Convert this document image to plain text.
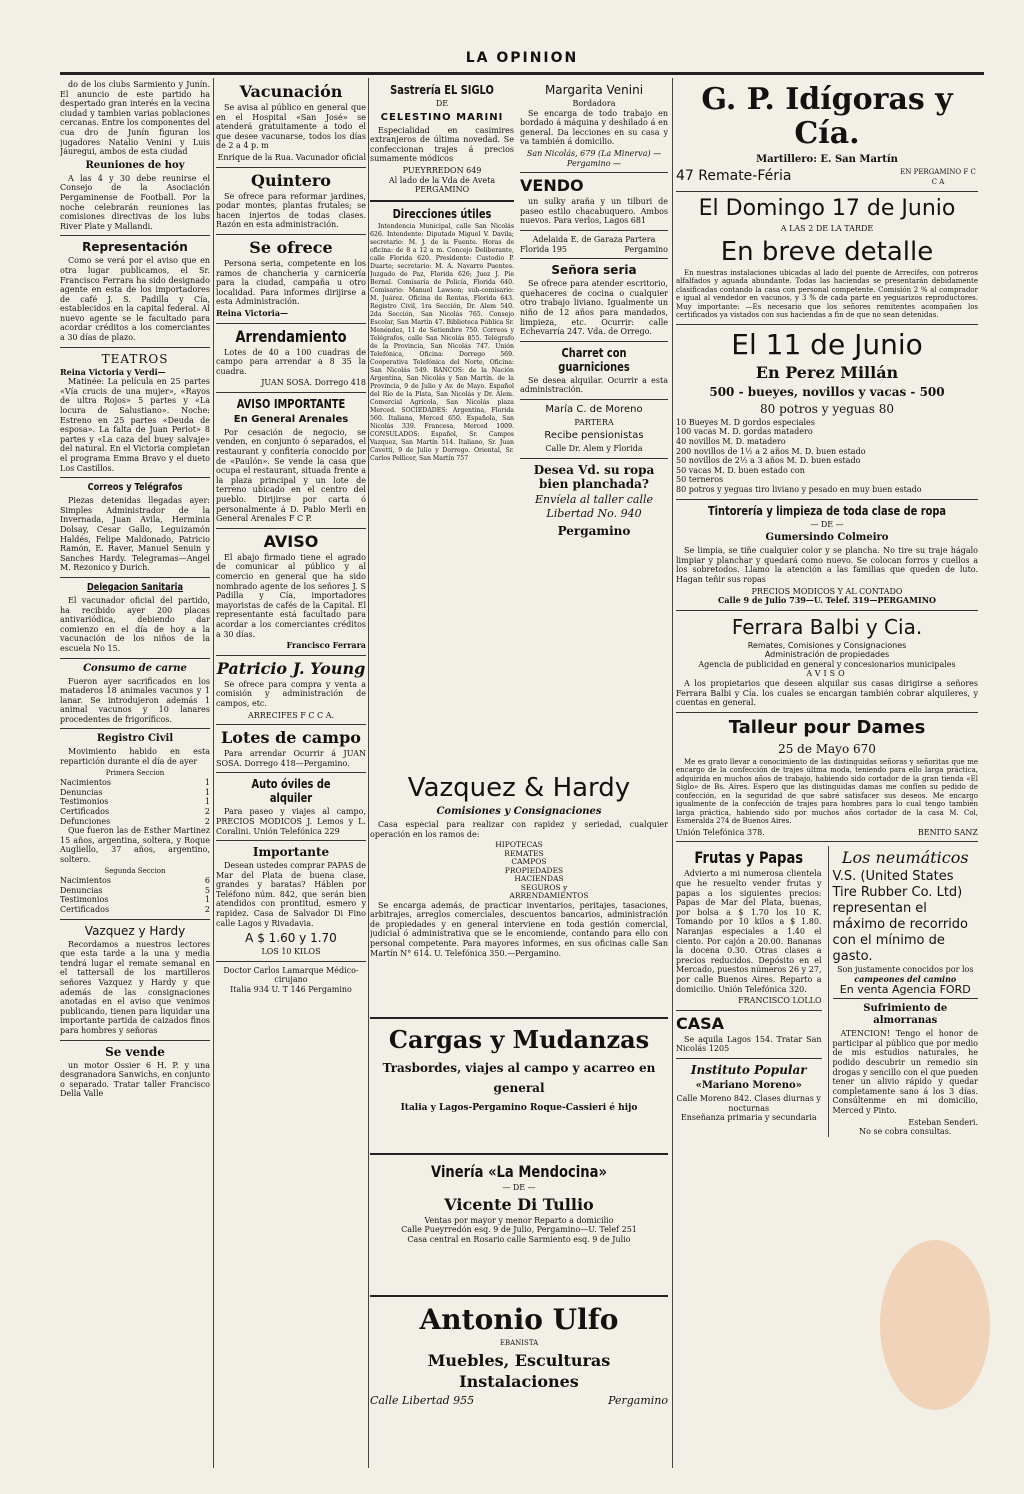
LA OPINION

do de los clubs Sarmiento y Junín. El anuncio de este partido ha despertado gran interés en la vecina ciudad y tambien varias poblaciones cercanas. Entre los componentes del cua dro de Junín figuran los jugadores Natalio Venini y Luis Jáuregui, ambos de esta ciudad

Reuniones de hoy

A las 4 y 30 debe reunirse el Consejo de la Asociación Pergaminense de Football. Por la noche celebrarán reuniones las comisiones directivas de los lubs River Plate y Mallandi.

Representación

Como se verá por el aviso que en otra lugar publicamos, el Sr. Francisco Ferrara ha sido designado agente en esta de los importadores de café J. S. Padilla y Cía, establecidos en la capital federal. Al nuevo agente se le facultado para acordar créditos a los comerciantes a 30 días de plazo.

TEATROS
Reina Victoria y Verdi—

Matinée: La película en 25 partes «Vía crucis de una mujer», «Rayos de ultra Rojos» 5 partes y «La locura de Salustiano». Noche: Estreno en 25 partes «Deuda de esposa». La falta de Juan Periot» 8 partes y «La caza del buey salvaje» del natural. En el Victoria completan el programa Emma Bravo y el dueto Los Castillos.

Correos y Telégrafos

Piezas detenidas llegadas ayer: Simples Administrador de la Invernada, Juan Avila, Herminia Dolsay, Cesar Gallo, Leguizamón Haldés, Felipe Maldonado, Patricio Ramón, E. Raver, Manuel Senuin y Sanches Hardy. Telegramas—Angel M. Rezonico y Durich.

Delegacion Sanitaria

El vacunador oficial del partido, ha recibido ayer 200 placas antivariódica, debiendo dar comienzo en el día de hoy a la vacunación de los niños de la escuela No 15.

Consumo de carne

Fueron ayer sacrificados en los mataderos 18 animales vacunos y 1 lanar. Se introdujeron además 1 animal vacunos y 10 lanares procedentes de frigoríficos.

Registro Civil

Movimiento habido en esta repartición durante el día de ayer

Primera Seccion
Nacimientos	1
Denuncias	1
Testimonios	1
Certificados	2
Defunciones	2

Que fueron las de Esther Martinez 15 años, argentina, soltera, y Roque Augliello, 37 años, argentino, soltero.

Segunda Seccion
Nacimientos	6
Denuncias	5
Testimonios	1
Certificados	2
Vazquez y Hardy

Recordamos a nuestros lectores que esta tarde a la una y media tendrá lugar el remate semanal en el tattersall de los martilleros señores Vazquez y Hardy y que además de las consignaciones anotadas en el aviso que venimos publicando, tienen para liquidar una importante partida de caizados finos para hombres y señoras

Se vende

un motor Ossier 6 H. P. y una desgranadora Sanwichs, en conjunto o separado. Tratar taller Francisco Della Valle

Vacunación

Se avisa al público en general que en el Hospital «San José» se atenderá gratuitamente a todo el que desee vacunarse, todos los días de 2 a 4 p. m

Enrique de la Rua. Vacunador oficial
Quintero

Se ofrece para reformar jardines, podar montes, plantas frutales; se hacen injertos de todas clases. Razón en esta administración.

Se ofrece

Persona seria, competente en los ramos de chancheria y carnicería para la ciudad, campaña u otro localidad. Para informes dirijirse a esta Administración.

Reina Victoria—
Arrendamiento

Lotes de 40 a 100 cuadras de campo para arrendar a 8 35 la cuadra.

JUAN SOSA. Dorrego 418
AVISO IMPORTANTE
En General Arenales

Por cesación de negocio, se venden, en conjunto ó separados, el restaurant y confitería conocido por de «Paulón». Se vende la casa que ocupa el restaurant, situada frente a la plaza principal y un lote de terreno ubicado en el centro del pueblo. Dirijirse por carta ó personalmente á D. Pablo Merli en General Arenales F C P.

AVISO

El abajo firmado tiene el agrado de comunicar al público y al comercio en general que ha sido nombrado agente de los señores J. S Padilla y Cía, importadores mayoristas de cafés de la Capital. El representante está facultado para acordar a los comerciantes créditos a 30 días.

Francisco Ferrara
Patricio J. Young

Se ofrece para compra y venta a comisión y administración de campos, etc.

ARRECIFES F C C A.
Lotes de campo

Para arrendar Ocurrir á JUAN SOSA. Dorrego 418—Pergamino.

Auto óviles de alquiler

Para paseo y viajes al campo, PRECIOS MODICOS J. Lemos y L. Coralini. Unión Telefónica 229

Importante

Desean ustedes comprar PAPAS de Mar del Plata de buena clase, grandes y baratas? Háblen por Teléfono núm. 842, que serán bien atendidos con prontitud, esmero y rapidez. Casa de Salvador Di Fino calle Lagos y Rivadavia.

A $ 1.60 y 1.70
LOS 10 KILOS
Doctor Carlos Lamarque Médico-cirujano
Italia 934 U. T 146 Pergamino
Sastrería EL SIGLO
DE
CELESTINO MARINI

Especialidad en casimires extranjeros de última novedad. Se confeccionan trajes á precios sumamente módicos

PUEYRREDON 649
Al lado de la Vda de Aveta
PERGAMINO
Direcciones útiles

Intendencia Municipal, calle San Nicolás 626. Intendente: Diputado Miguel V. Davila; secretario: M. J. de la Fuente. Horas de oficina: de 8 a 12 a m. Concejo Deliberante, calle Florida 620. Presidente: Custodio P. Duarte; secretario: M. A. Navarro Puentes. Juzgado de Paz, Florida 626; Juez J. Pie Bernal. Comisaría de Policía, Florida 640. Comisario: Manuel Lawson; sub-comisario: M. Juárez. Oficina de Rentas, Florida 643. Registro Civil, 1ra Sección, Dr. Alem 540. 2da Sección, San Nicolás 765. Consejo Escolar, San Martín 47. Biblioteca Pública Sr. Menéndez, 11 de Setiembre 750. Correos y Telégrafos, calle San Nicolás 855. Telégrafo de la Provincia, San Nicolás 747. Unión Telefónica, Oficina: Dorrego 569. Cooperativa Telefónica del Norte, Oficina: San Nicolás 549. BANCOS: de la Nación Argentina, San Nicolás y San Martín. de la Provincia, 9 de Julio y Av. de Mayo. Español del Río de la Plata, San Nicolás y Dr. Alem. Comercial Agrícola, San Nicolás plaza Merced. SOCIEDADES: Argentina, Florida 560. Italiana, Merced 650. Española, San Nicolás 339. Francesa, Merced 1009. CONSULADOS: Español, Sr. Campos Vazquez, San Martín 514. Italiano, Sr. Juan Cavetti, 9 de Julio y Dorrego. Oriental, Sr. Carlos Pellicer, San Martín 757

Margarita Venini
Bordadora

Se encarga de todo trabajo en bordado á máquina y deshilado á en general. Da lecciones en su casa y va también á domicilio.

San Nicolás, 679 (La Minerva) — Pergamino —
VENDO

un sulky araña y un tilburi de paseo estilo chacabuquero. Ambos nuevos. Para verlos, Lagos 681

Adelaida E. de Garaza Partera
Florida 195	Pergamino
Señora seria

Se ofrece para atender escritorio, quehaceres de cocina o cualquier otro trabajo liviano. Igualmente un niño de 12 años para mandados, limpieza, etc. Ocurrir: calle Echevarría 247. Vda. de Orrego.

Charret con guarniciones

Se desea alquilar. Ocurrir a esta administración.

María C. de Moreno
PARTERA
Recibe pensionistas
Calle Dr. Alem y Florida
Desea Vd. su ropa bien planchada?
Envíela al taller calle Libertad No. 940
Pergamino
Vazquez & Hardy
Comisiones y Consignaciones

Casa especial para realizar con rapidez y seriedad, cualquier operación en los ramos de:

HIPOTECAS
REMATES
CAMPOS
PROPIEDADES
HACIENDAS
SEGUROS y
ARRENDAMIENTOS

Se encarga además, de practicar inventarios, peritajes, tasaciones, arbitrajes, arreglos comerciales, descuentos bancarios, administración de propiedades y en general interviene en toda gestión comercial, judicial ó administrativa que se le encomiende, contando para ello con personal competente. Para mayores informes, en sus oficinas calle San Martín N° 614. U. Telefónica 350.—Pergamino.

Cargas y Mudanzas
Trasbordes, viajes al campo y acarreo en general
Italia y Lagos-Pergamino Roque-Cassieri é hijo
Vinería «La Mendocina»
— DE —
Vicente Di Tullio
Ventas por mayor y menor Reparto a domicilio
Calle Pueyrredón esq. 9 de Julio, Pergamino—U. Telef 251
Casa central en Rosario calle Sarmiento esq. 9 de Julio
Antonio Ulfo
EBANISTA
Muebles, Esculturas
Instalaciones
Calle Libertad 955	Pergamino
G. P. Idígoras y Cía.
Martillero: E. San Martín
47 Remate-Féria	EN PERGAMINO F C C A
El Domingo 17 de Junio
A LAS 2 DE LA TARDE
En breve detalle

En nuestras instalaciones ubicadas al lado del puente de Arrecifes, con potreros alfalfados y aguada abundante. Todas las haciendas se presentarán debidamente clasificadas contando la casa con personal competente. Comisión 2 % al comprador e igual al vendedor en vacunos, y 3 % de cada parte en yeguarizos reproductores. Muy importante: —Es necesario que los señores remitentes acompañen los certificados ya vistados con sus haciendas a fin de que no sean detenidas.

El 11 de Junio
En Perez Millán
500 - bueyes, novillos y vacas - 500
80 potros y yeguas 80
10 Bueyes M. D gordos especiales
100 vacas M. D. gordas matadero
40 novillos M. D. matadero
200 novillos de 1½ a 2 años M. D. buen estado
50 novillos de 2½ a 3 años M. D. buen estado
50 vacas M. D. buen estado con
50 terneros
80 potros y yeguas tiro liviano y pesado en muy buen estado
Tintorería y limpieza de toda clase de ropa
— DE —
Gumersindo Colmeiro

Se limpia, se tiñe cualquier color y se plancha. No tire su traje hágalo limpiar y planchar y quedará como nuevo. Se colocan forros y cuellos a los sobretodos. Llamo la atención a las familias que queden de luto. Hagan teñir sus ropas

PRECIOS MODICOS Y AL CONTADO
Calle 9 de Julio 739—U. Telef. 319—PERGAMINO
Ferrara Balbi y Cia.
Remates, Comisiones y Consignaciones
Administración de propiedades
Agencia de publicidad en general y concesionarios municipales
AVISO

A los propietarios que deseen alquilar sus casas dirigirse a señores Ferrara Balbi y Cía. los cuales se encargan también cobrar alquileres, y cuentas en general.

Talleur pour Dames
25 de Mayo 670

Me es grato llevar a conocimiento de las distinguidas señoras y señoritas que me encargo de la confección de trajes últma moda, teniendo para ello larga práctica, adquirida en muchos años de trabajo, habiendo sido cortador de la gran tienda «El Siglo» de Bs. Aires. Espero que las distinguidas damas me confíen su pedido de confección, en la seguridad de que sabré satisfacer sus deseos. Me encargo igualmente de la confección de trajes para hombres para lo cual tengo también larga práctica, habiendo sido por muchos años cortador de la casa M. Col, Esmeralda 274 de Buenos Aires.

Unión Telefónica 378.	BENITO SANZ
Frutas y Papas

Advierto a mi numerosa clientela que he resuelto vender frutas y papas a los siguientes precios: Papas de Mar del Plata, buenas, por bolsa a $ 1.70 los 10 K. Tomando por 10 kilos a $ 1.80. Naranjas especiales a 1.40 el ciento. Por cajón a 20.00. Bananas la docena 0.30. Otras clases a precios reducidos. Depósito en el Mercado, puestos números 26 y 27, por calle Buenos Aires. Reparto a domicilio. Unión Telefónica 320.

FRANCISCO LOLLO
CASA

Se aquila Lagos 154. Tratar San Nicolás 1205

Instituto Popular
«Mariano Moreno»
Calle Moreno 842. Clases diurnas y nocturnas
Enseñanza primaria y secundaria
Los neumáticos
V.S. (United States Tire Rubber Co. Ltd) representan el máximo de recorrido con el mínimo de gasto.
Son justamente conocidos por los
campeones del camino
En venta Agencia FORD
Sufrimiento de almorranas

ATENCION! Tengo el honor de participar al público que por medio de mis estudios naturales, he podido descubrir un remedio sin drogas y sencillo con el que pueden tener un alivio rápido y quedar completamente sano á los 3 días. Consúltenme en mi domicilio, Merced y Pinto.

Esteban Senderi.
No se cobra consultas.
